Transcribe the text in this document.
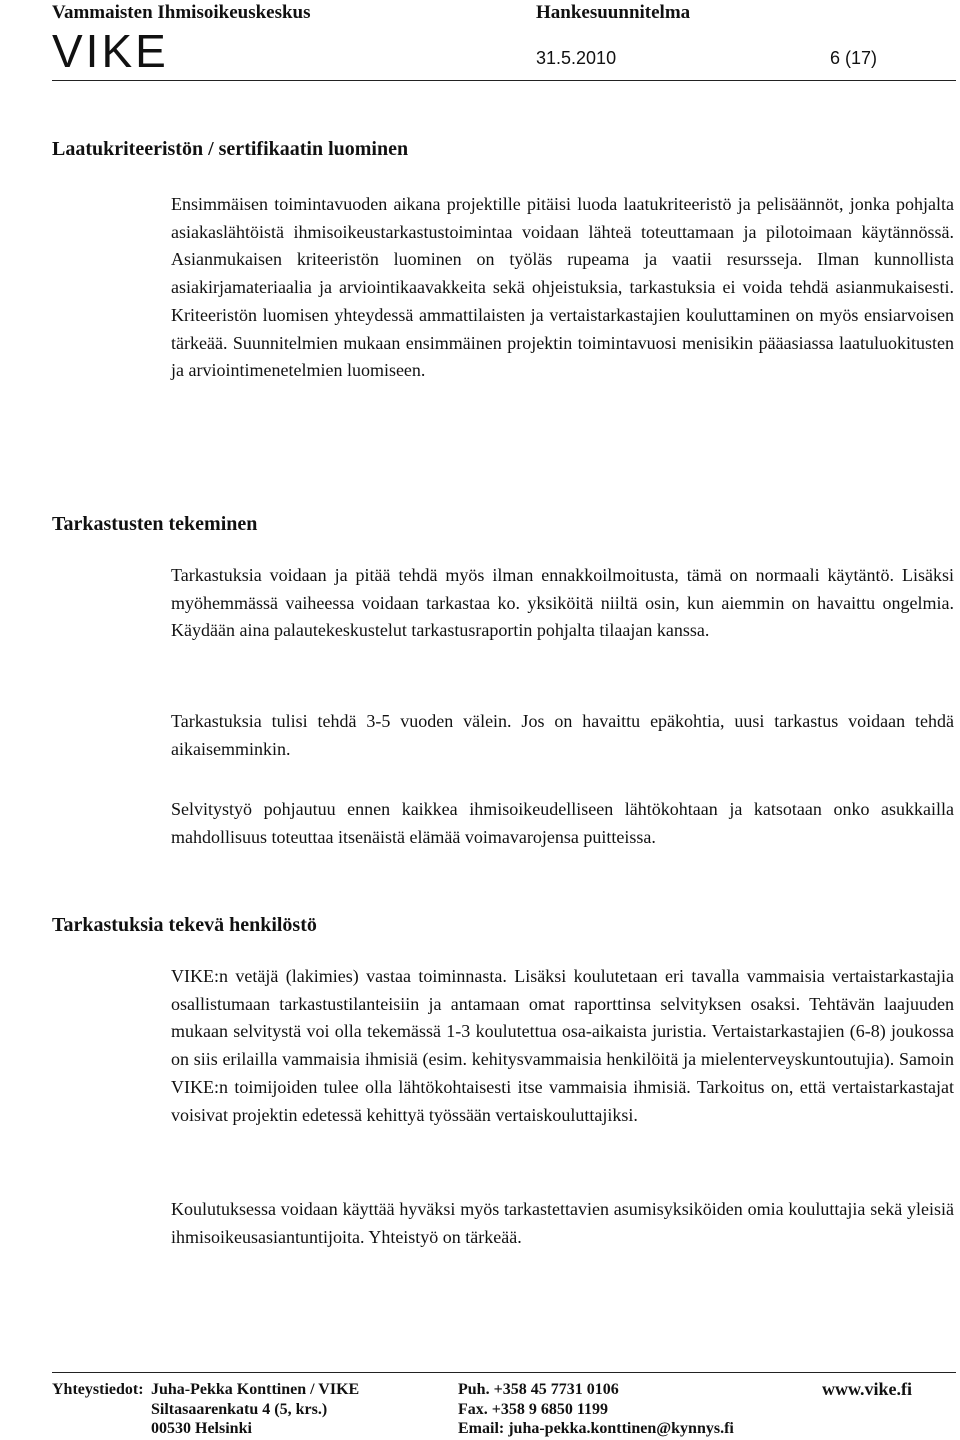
Vammaisten Ihmisoikeuskeskus	Hankesuunnitelma
VIKE	31.5.2010	6 (17)
Laatukriteeristön / sertifikaatin luominen

Ensimmäisen toimintavuoden aikana projektille pitäisi luoda laatukriteeristö ja pelisäännöt, jonka pohjalta asiakaslähtöistä ihmisoikeustarkastustoimintaa voidaan lähteä toteuttamaan ja pilotoimaan käytännössä. Asianmukaisen kriteeristön luominen on työläs rupeama ja vaatii resursseja. Ilman kunnollista asiakirjamateriaalia ja arviointikaavakkeita sekä ohjeistuksia, tarkastuksia ei voida tehdä asianmukaisesti. Kriteeristön luomisen yhteydessä ammattilaisten ja vertaistarkastajien kouluttaminen on myös ensiarvoisen tärkeää. Suunnitelmien mukaan ensimmäinen projektin toimintavuosi menisikin pääasiassa laatuluokitusten ja arviointimenetelmien luomiseen.

Tarkastusten tekeminen

Tarkastuksia voidaan ja pitää tehdä myös ilman ennakkoilmoitusta, tämä on normaali käytäntö. Lisäksi myöhemmässä vaiheessa voidaan tarkastaa ko. yksiköitä niiltä osin, kun aiemmin on havaittu ongelmia. Käydään aina palautekeskustelut tarkastusraportin pohjalta tilaajan kanssa.

Tarkastuksia tulisi tehdä 3-5 vuoden välein. Jos on havaittu epäkohtia, uusi tarkastus voidaan tehdä aikaisemminkin.

Selvitystyö pohjautuu ennen kaikkea ihmisoikeudelliseen lähtökohtaan ja katsotaan onko asukkailla mahdollisuus toteuttaa itsenäistä elämää voimavarojensa puitteissa.

Tarkastuksia tekevä henkilöstö

VIKE:n vetäjä (lakimies) vastaa toiminnasta. Lisäksi koulutetaan eri tavalla vammaisia vertaistarkastajia osallistumaan tarkastustilanteisiin ja antamaan omat raporttinsa selvityksen osaksi. Tehtävän laajuuden mukaan selvitystä voi olla tekemässä 1-3 koulutettua osa-aikaista juristia. Vertaistarkastajien (6-8) joukossa on siis erilailla vammaisia ihmisiä (esim. kehitysvammaisia henkilöitä ja mielenterveyskuntoutujia). Samoin VIKE:n toimijoiden tulee olla lähtökohtaisesti itse vammaisia ihmisiä. Tarkoitus on, että vertaistarkastajat voisivat projektin edetessä kehittyä työssään vertaiskouluttajiksi.

Koulutuksessa voidaan käyttää hyväksi myös tarkastettavien asumisyksiköiden omia kouluttajia sekä yleisiä ihmisoikeusasiantuntijoita. Yhteistyö on tärkeää.

Yhteystiedot: Juha-Pekka Konttinen / VIKE
Siltasaarenkatu 4 (5, krs.)
00530 Helsinki
Puh. +358 45 7731 0106
Fax. +358 9 6850 1199
Email: juha-pekka.konttinen@kynnys.fi
www.vike.fi
